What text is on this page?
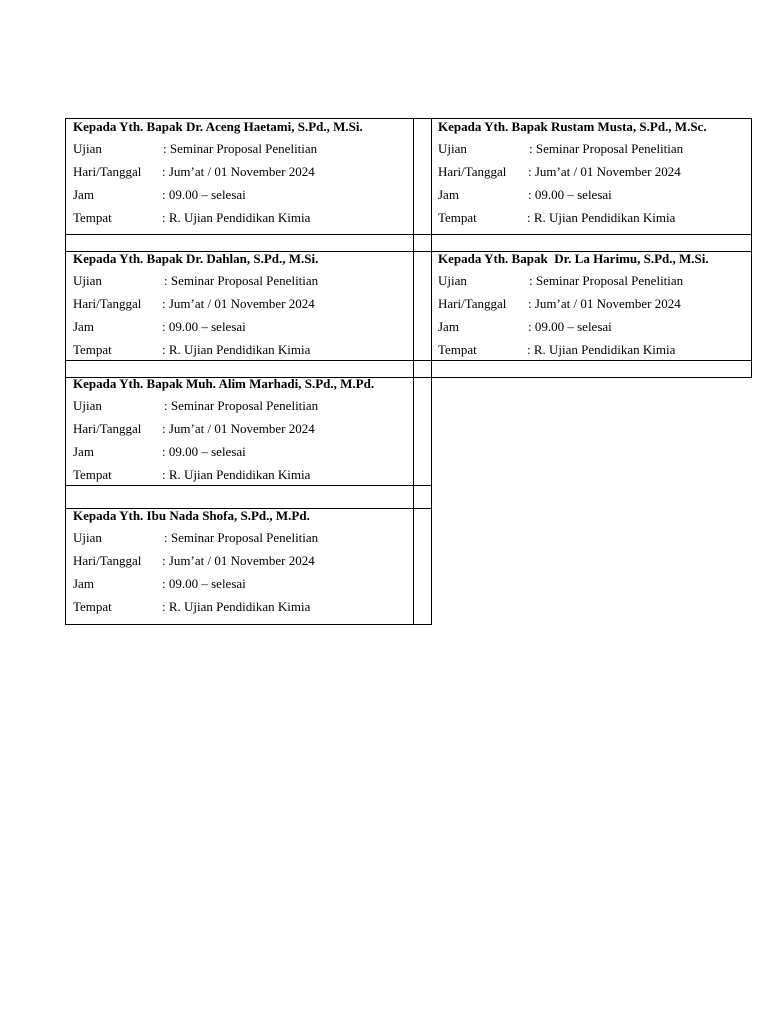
Kepada Yth. Bapak Dr. Aceng Haetami, S.Pd., M.Si.
Ujian	: Seminar Proposal Penelitian
Hari/Tanggal	: Jum’at / 01 November 2024
Jam	: 09.00 – selesai
Tempat	: R. Ujian Pendidikan Kimia
Kepada Yth. Bapak Rustam Musta, S.Pd., M.Sc.
Ujian	: Seminar Proposal Penelitian
Hari/Tanggal	: Jum’at / 01 November 2024
Jam	: 09.00 – selesai
Tempat	: R. Ujian Pendidikan Kimia
Kepada Yth. Bapak Dr. Dahlan, S.Pd., M.Si.
Ujian	: Seminar Proposal Penelitian
Hari/Tanggal	: Jum’at / 01 November 2024
Jam	: 09.00 – selesai
Tempat	: R. Ujian Pendidikan Kimia
Kepada Yth. Bapak  Dr. La Harimu, S.Pd., M.Si.
Ujian	: Seminar Proposal Penelitian
Hari/Tanggal	: Jum’at / 01 November 2024
Jam	: 09.00 – selesai
Tempat	: R. Ujian Pendidikan Kimia
Kepada Yth. Bapak Muh. Alim Marhadi, S.Pd., M.Pd.
Ujian	: Seminar Proposal Penelitian
Hari/Tanggal	: Jum’at / 01 November 2024
Jam	: 09.00 – selesai
Tempat	: R. Ujian Pendidikan Kimia
Kepada Yth. Ibu Nada Shofa, S.Pd., M.Pd.
Ujian	: Seminar Proposal Penelitian
Hari/Tanggal	: Jum’at / 01 November 2024
Jam	: 09.00 – selesai
Tempat	: R. Ujian Pendidikan Kimia
